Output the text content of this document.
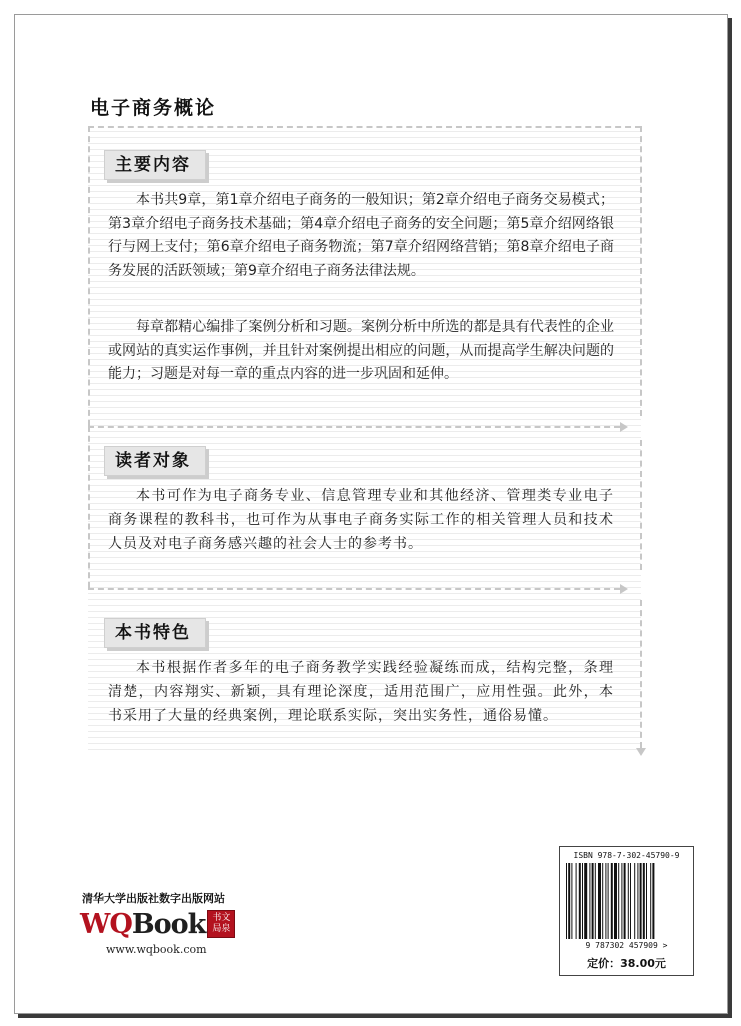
电子商务概论
主要内容

本书共9章，第1章介绍电子商务的一般知识；第2章介绍电子商务交易模式；第3章介绍电子商务技术基础；第4章介绍电子商务的安全问题；第5章介绍网络银行与网上支付；第6章介绍电子商务物流；第7章介绍网络营销；第8章介绍电子商务发展的活跃领域；第9章介绍电子商务法律法规。

每章都精心编排了案例分析和习题。案例分析中所选的都是具有代表性的企业或网站的真实运作事例，并且针对案例提出相应的问题，从而提高学生解决问题的能力；习题是对每一章的重点内容的进一步巩固和延伸。

读者对象

本书可作为电子商务专业、信息管理专业和其他经济、管理类专业电子商务课程的教科书，也可作为从事电子商务实际工作的相关管理人员和技术人员及对电子商务感兴趣的社会人士的参考书。

本书特色

本书根据作者多年的电子商务教学实践经验凝练而成，结构完整，条理清楚，内容翔实、新颖，具有理论深度，适用范围广，应用性强。此外，本书采用了大量的经典案例，理论联系实际，突出实务性，通俗易懂。

清华大学出版社数字出版网站
WQ Book 书文
局泉
www.wqbook.com
ISBN 978-7-302-45790-9
9 787302 457909 >
定价：38.00元
